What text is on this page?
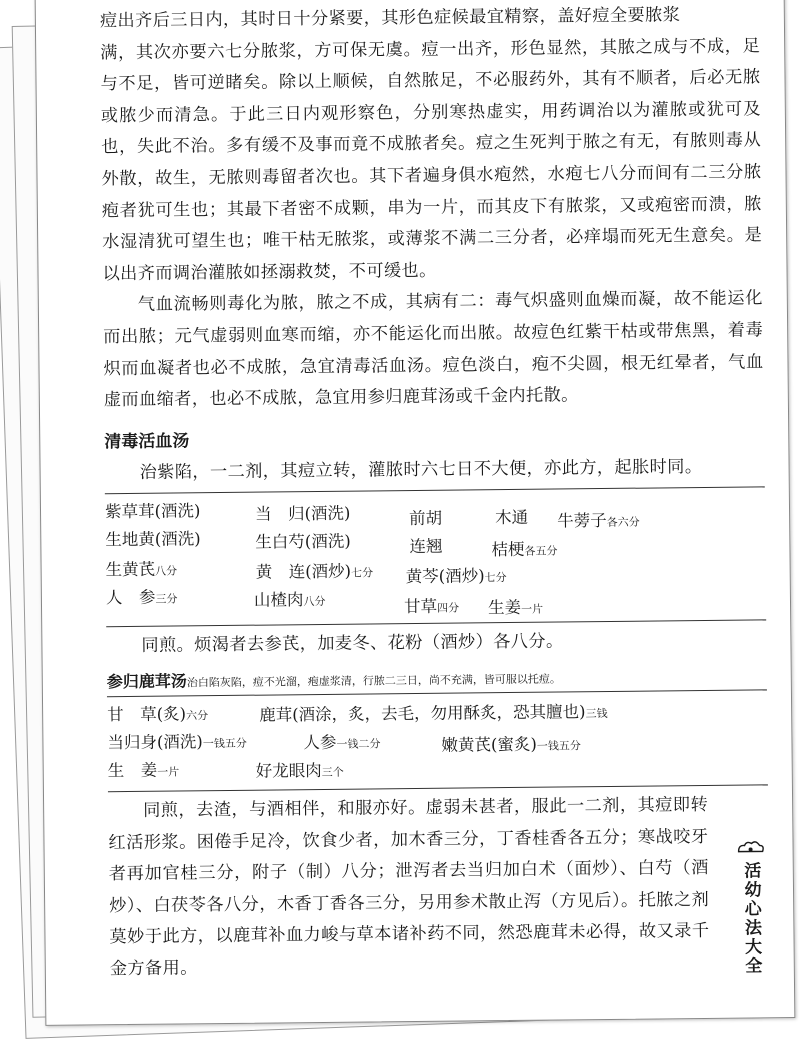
痘出齐后三日内，其时日十分紧要，其形色症候最宜精察，盖好痘全要脓浆

满，其次亦要六七分脓浆，方可保无虞。痘一出齐，形色显然，其脓之成与不成，足与不足，皆可逆睹矣。除以上顺候，自然脓足，不必服药外，其有不顺者，后必无脓或脓少而清急。于此三日内观形察色，分别寒热虚实，用药调治以为灌脓或犹可及也，失此不治。多有缓不及事而竟不成脓者矣。痘之生死判于脓之有无，有脓则毒从外散，故生，无脓则毒留者次也。其下者遍身俱水疱然，水疱七八分而间有二三分脓疱者犹可生也；其最下者密不成颗，串为一片，而其皮下有脓浆，又或疱密而溃，脓水湿清犹可望生也；唯干枯无脓浆，或薄浆不满二三分者，必痒塌而死无生意矣。是以出齐而调治灌脓如拯溺救焚，不可缓也。

气血流畅则毒化为脓，脓之不成，其病有二：毒气炽盛则血燥而凝，故不能运化而出脓；元气虚弱则血寒而缩，亦不能运化而出脓。故痘色红紫干枯或带焦黑，着毒炽而血凝者也必不成脓，急宜清毒活血汤。痘色淡白，疱不尖圆，根无红晕者，气血虚而血缩者，也必不成脓，急宜用参归鹿茸汤或千金内托散。

清毒活血汤

治紫陷，一二剂，其痘立转，灌脓时六七日不大便，亦此方，起胀时同。

紫草茸(酒洗)	当　归(酒洗)	前胡	木通 牛蒡子各六分
生地黄(酒洗)	生白芍(酒洗)	连翘	桔梗各五分
生黄芪八分	黄　连(酒炒)七分 黄芩(酒炒)七分
人　参三分	山楂肉八分	甘草四分 生姜一片

同煎。烦渴者去参芪，加麦冬、花粉（酒炒）各八分。

参归鹿茸汤治白陷灰陷，痘不光溜，疱虚浆清，行脓二三日，尚不充满，皆可服以托痘。
甘　草(炙)六分	鹿茸(酒涂，炙，去毛，勿用酥炙，恐其膻也)三钱
当归身(酒洗)一钱五分	人参一钱二分	嫩黄芪(蜜炙)一钱五分
生　姜一片	好龙眼肉三个

同煎，去渣，与酒相伴，和服亦好。虚弱未甚者，服此一二剂，其痘即转红活形浆。困倦手足冷，饮食少者，加木香三分，丁香桂香各五分；寒战咬牙者再加官桂三分，附子（制）八分；泄泻者去当归加白术（面炒）、白芍（酒炒）、白茯苓各八分，木香丁香各三分，另用参术散止泻（方见后）。托脓之剂莫妙于此方，以鹿茸补血力峻与草本诸补药不同，然恐鹿茸未必得，故又录千金方备用。	活幼心法大全
